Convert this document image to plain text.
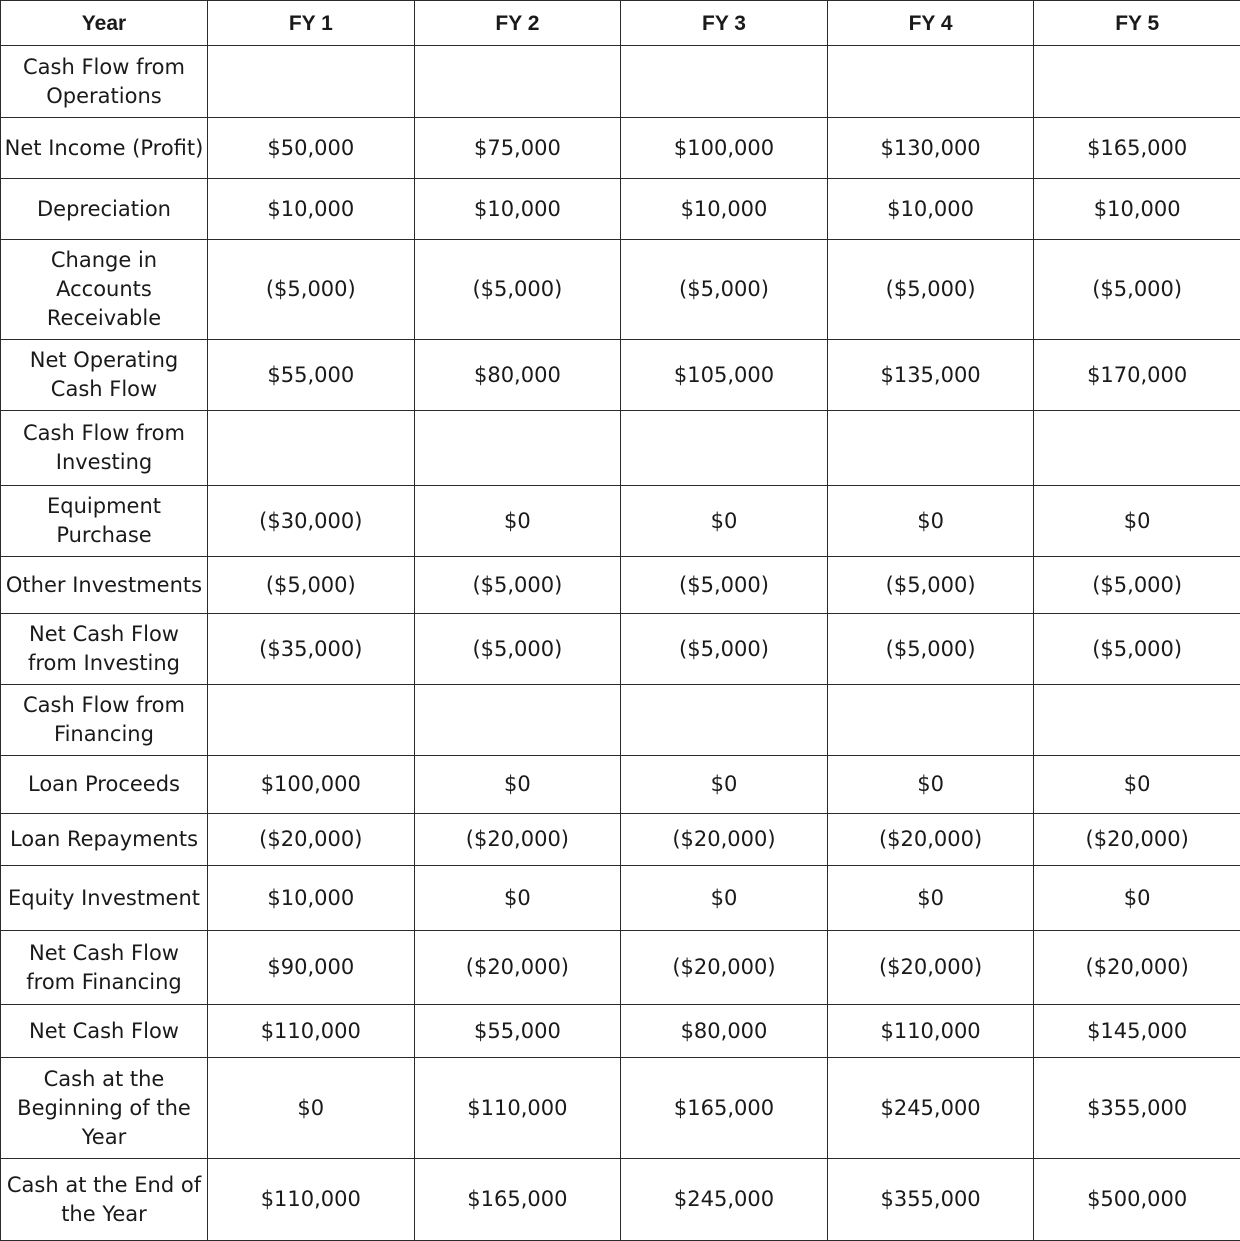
Year	FY 1	FY 2	FY 3	FY 4	FY 5
Cash Flow from Operations					
Net Income (Profit)	$50,000	$75,000	$100,000	$130,000	$165,000
Depreciation	$10,000	$10,000	$10,000	$10,000	$10,000
Change in Accounts Receivable	($5,000)	($5,000)	($5,000)	($5,000)	($5,000)
Net Operating Cash Flow	$55,000	$80,000	$105,000	$135,000	$170,000
Cash Flow from Investing					
Equipment Purchase	($30,000)	$0	$0	$0	$0
Other Investments	($5,000)	($5,000)	($5,000)	($5,000)	($5,000)
Net Cash Flow from Investing	($35,000)	($5,000)	($5,000)	($5,000)	($5,000)
Cash Flow from Financing					
Loan Proceeds	$100,000	$0	$0	$0	$0
Loan Repayments	($20,000)	($20,000)	($20,000)	($20,000)	($20,000)
Equity Investment	$10,000	$0	$0	$0	$0
Net Cash Flow from Financing	$90,000	($20,000)	($20,000)	($20,000)	($20,000)
Net Cash Flow	$110,000	$55,000	$80,000	$110,000	$145,000
Cash at the Beginning of the Year	$0	$110,000	$165,000	$245,000	$355,000
Cash at the End of the Year	$110,000	$165,000	$245,000	$355,000	$500,000
